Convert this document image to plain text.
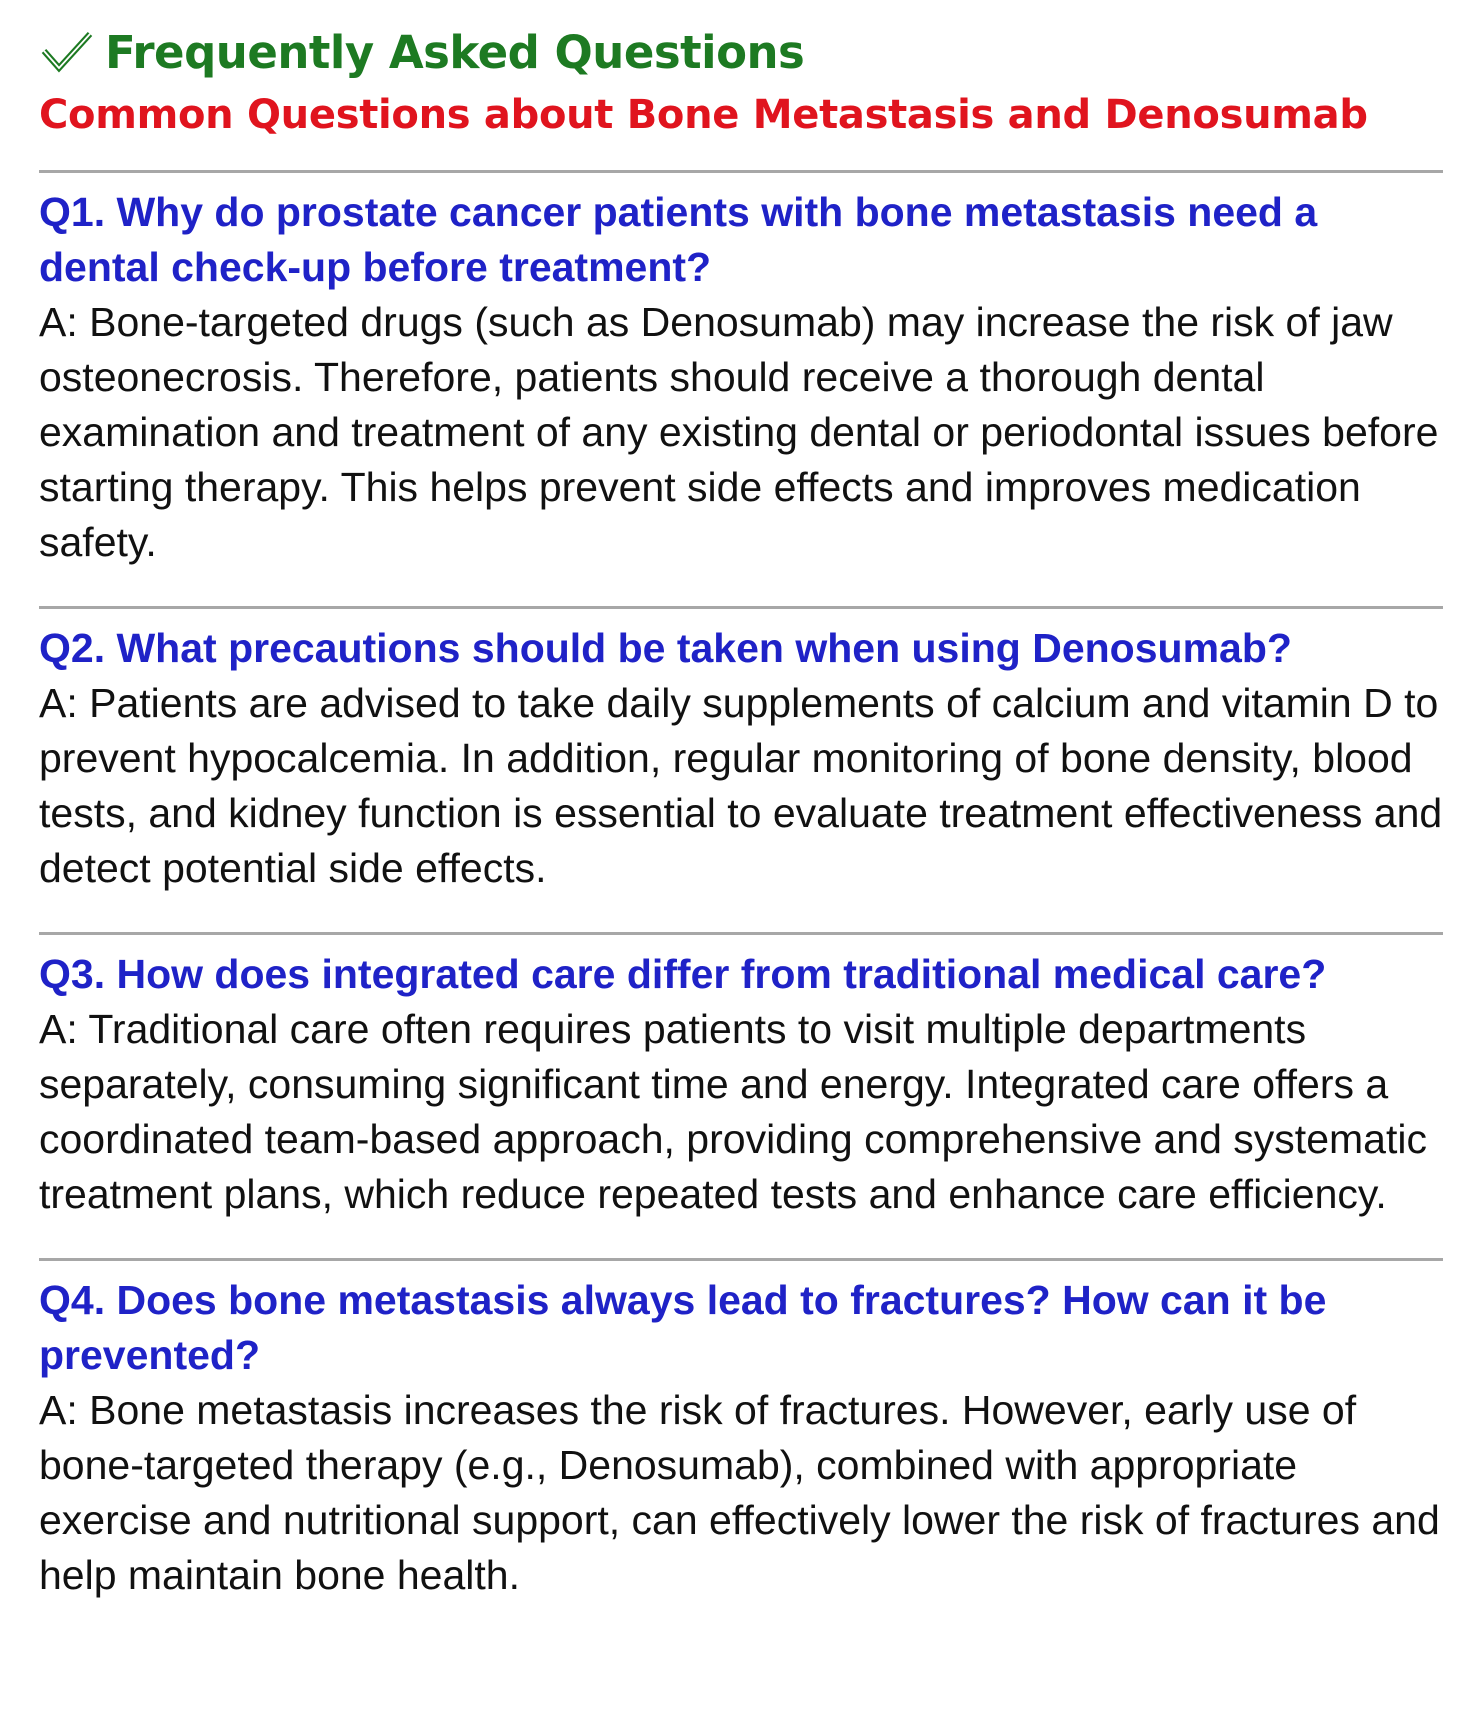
Frequently Asked Questions
Common Questions about Bone Metastasis and Denosumab

Q1. Why do prostate cancer patients with bone metastasis need a dental check-up before treatment?

A: Bone-targeted drugs (such as Denosumab) may increase the risk of jaw osteonecrosis. Therefore, patients should receive a thorough dental examination and treatment of any existing dental or periodontal issues before starting therapy. This helps prevent side effects and improves medication safety.

Q2. What precautions should be taken when using Denosumab?

A: Patients are advised to take daily supplements of calcium and vitamin D to prevent hypocalcemia. In addition, regular monitoring of bone density, blood tests, and kidney function is essential to evaluate treatment effectiveness and detect potential side effects.

Q3. How does integrated care differ from traditional medical care?

A: Traditional care often requires patients to visit multiple departments separately, consuming significant time and energy. Integrated care offers a coordinated team-based approach, providing comprehensive and systematic treatment plans, which reduce repeated tests and enhance care efficiency.

Q4. Does bone metastasis always lead to fractures? How can it be prevented?

A: Bone metastasis increases the risk of fractures. However, early use of bone-targeted therapy (e.g., Denosumab), combined with appropriate exercise and nutritional support, can effectively lower the risk of fractures and help maintain bone health.
